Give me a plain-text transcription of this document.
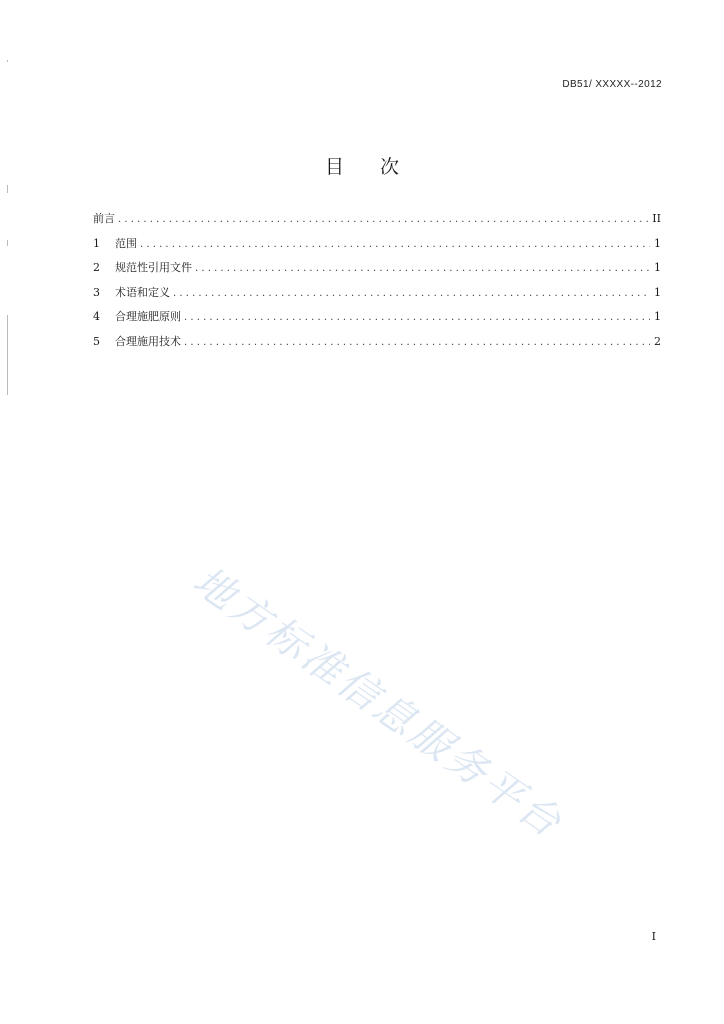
DB51/ XXXXX--2012
目 次
前言 . . .	II
1	范围 . . .	1
2	规范性引用文件 . . .	1
3	术语和定义 . . .	1
4	合理施肥原则 . . .	1
5	合理施用技术 . . .	2
地方标准信息服务平台
I
